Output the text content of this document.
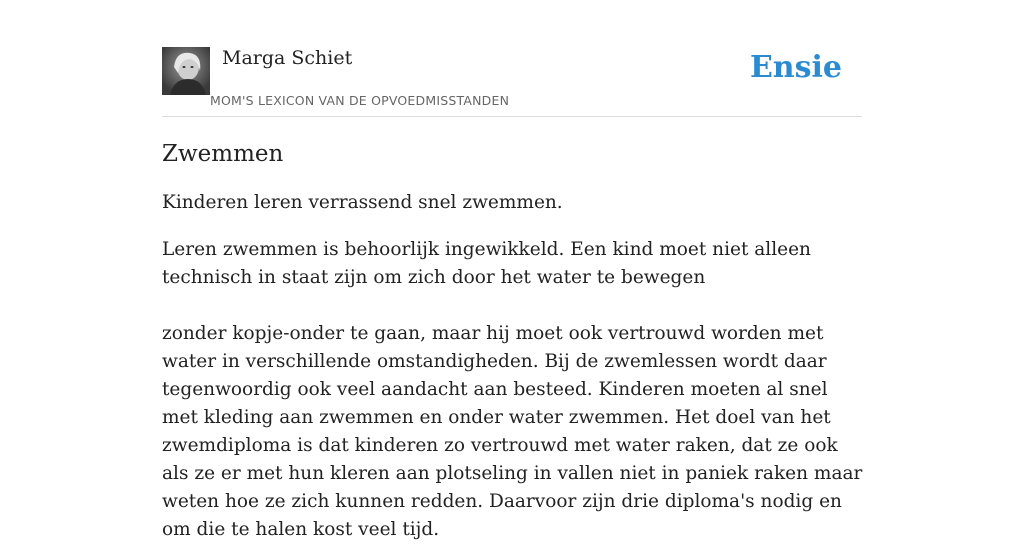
Marga Schiet
MOM'S LEXICON VAN DE OPVOEDMISSTANDEN
Ensie
Zwemmen

Kinderen leren verrassend snel zwemmen.

Leren zwemmen is behoorlijk ingewikkeld. Een kind moet niet alleen technisch in staat zijn om zich door het water te bewegen

zonder kopje-onder te gaan, maar hij moet ook vertrouwd worden met water in verschillende omstandigheden. Bij de zwemlessen wordt daar tegenwoordig ook veel aandacht aan besteed. Kinderen moeten al snel met kleding aan zwemmen en onder water zwemmen. Het doel van het zwemdiploma is dat kinderen zo vertrouwd met water raken, dat ze ook als ze er met hun kleren aan plotseling in vallen niet in paniek raken maar weten hoe ze zich kunnen redden. Daarvoor zijn drie diploma's nodig en om die te halen kost veel tijd.
